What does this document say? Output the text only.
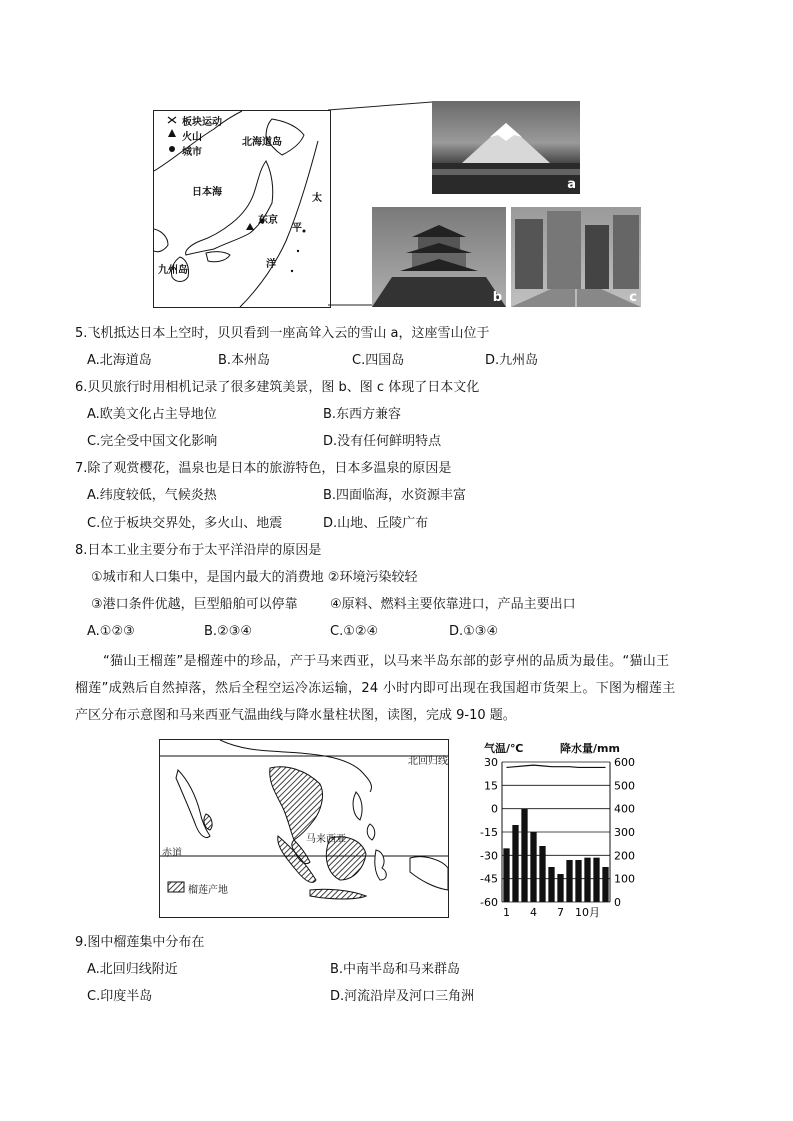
板块运动
火山
城市
北海道岛
日本海
东京
九州岛
太
平
洋
a
b	c
5.飞机抵达日本上空时，贝贝看到一座高耸入云的雪山 a，这座雪山位于
A.北海道岛	B.本州岛	C.四国岛	D.九州岛
6.贝贝旅行时用相机记录了很多建筑美景，图 b、图 c 体现了日本文化
A.欧美文化占主导地位	B.东西方兼容
C.完全受中国文化影响	D.没有任何鲜明特点
7.除了观赏樱花，温泉也是日本的旅游特色，日本多温泉的原因是
A.纬度较低，气候炎热	B.四面临海，水资源丰富
C.位于板块交界处，多火山、地震	D.山地、丘陵广布
8.日本工业主要分布于太平洋沿岸的原因是
①城市和人口集中，是国内最大的消费地 ②环境污染较轻
③港口条件优越，巨型船舶可以停靠 ④原料、燃料主要依靠进口，产品主要出口
A.①②③	B.②③④	C.①②④	D.①③④
“猫山王榴莲”是榴莲中的珍品，产于马来西亚，以马来半岛东部的彭亨州的品质为最佳。“猫山王
榴莲”成熟后自然掉落，然后全程空运冷冻运输，24 小时内即可出现在我国超市货架上。下图为榴莲主
产区分布示意图和马来西亚气温曲线与降水量柱状图，读图，完成 9-10 题。
北回归线
赤道
马来西亚
榴莲产地
气温/℃	降水量/mm
30	600
15	500
0	400
-15	300
-30	200
-45	100
-60	0
1 4 7 10月
9.图中榴莲集中分布在
A.北回归线附近	B.中南半岛和马来群岛
C.印度半岛	D.河流沿岸及河口三角洲
